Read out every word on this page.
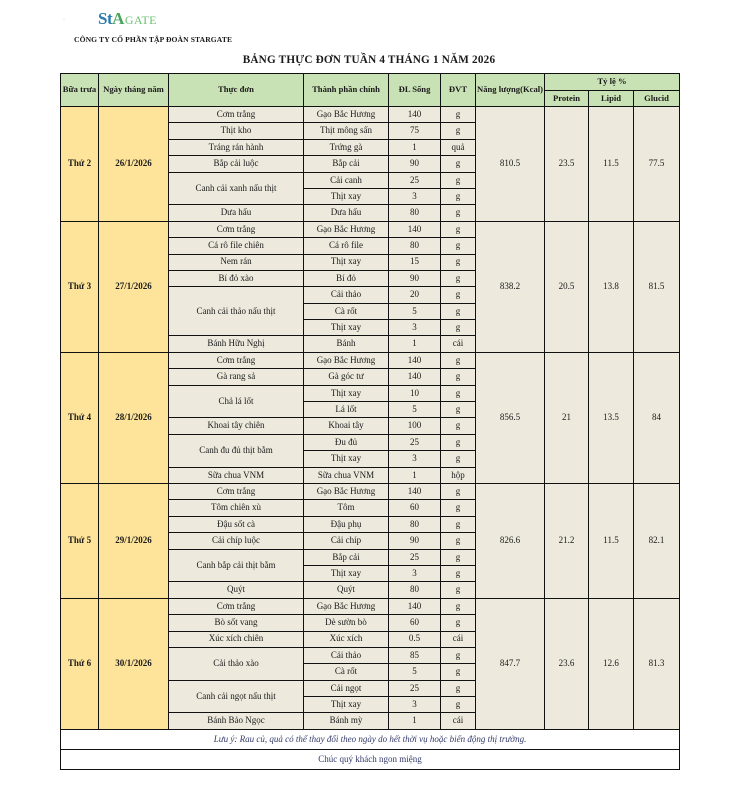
· St A GATE
CÔNG TY CỔ PHẦN TẬP ĐOÀN STARGATE
BẢNG THỰC ĐƠN TUẦN 4 THÁNG 1 NĂM 2026
Bữa trưa	Ngày tháng năm	Thực đơn	Thành phần chính	ĐL Sống	ĐVT	Năng lượng(Kcal)	Tỷ lệ %		
							Protein	Lipid	Glucid
Thứ 2	26/1/2026	Cơm trắng	Gạo Bắc Hương	140	g	810.5	23.5	11.5	77.5
		Thịt kho	Thịt mông sấn	75	g				
		Tráng rán hành	Trứng gà	1	quả				
		Bắp cải luộc	Bắp cải	90	g				
		Canh cải xanh nấu thịt	Cải canh	25	g				
			Thịt xay	3	g				
		Dưa hấu	Dưa hấu	80	g				
Thứ 3	27/1/2026	Cơm trắng	Gạo Bắc Hương	140	g	838.2	20.5	13.8	81.5
		Cá rô file chiên	Cá rô file	80	g				
		Nem rán	Thịt xay	15	g				
		Bí đỏ xào	Bí đỏ	90	g				
		Canh cải thảo nấu thịt	Cải thảo	20	g				
			Cà rốt	5	g				
			Thịt xay	3	g				
		Bánh Hữu Nghị	Bánh	1	cái				
Thứ 4	28/1/2026	Cơm trắng	Gạo Bắc Hương	140	g	856.5	21	13.5	84
		Gà rang sả	Gà góc tư	140	g				
		Chả lá lốt	Thịt xay	10	g				
			Lá lốt	5	g				
		Khoai tây chiên	Khoai tây	100	g				
		Canh đu đủ thịt bằm	Đu đủ	25	g				
			Thịt xay	3	g				
		Sữa chua VNM	Sữa chua VNM	1	hộp				
Thứ 5	29/1/2026	Cơm trắng	Gạo Bắc Hương	140	g	826.6	21.2	11.5	82.1
		Tôm chiên xù	Tôm	60	g				
		Đậu sốt cà	Đậu phụ	80	g				
		Cải chíp luộc	Cải chíp	90	g				
		Canh bắp cải thịt bằm	Bắp cải	25	g				
			Thịt xay	3	g				
		Quýt	Quýt	80	g				
Thứ 6	30/1/2026	Cơm trắng	Gạo Bắc Hương	140	g	847.7	23.6	12.6	81.3
		Bò sốt vang	Dè sườn bò	60	g				
		Xúc xích chiên	Xúc xích	0.5	cái				
		Cải thảo xào	Cải thảo	85	g				
			Cà rốt	5	g				
		Canh cải ngọt nấu thịt	Cải ngọt	25	g				
			Thịt xay	3	g				
		Bánh Bảo Ngọc	Bánh mỳ	1	cái				
Lưu ý: Rau củ, quả có thể thay đổi theo ngày do hết thời vụ hoặc biến động thị trường.									
Chúc quý khách ngon miệng									
